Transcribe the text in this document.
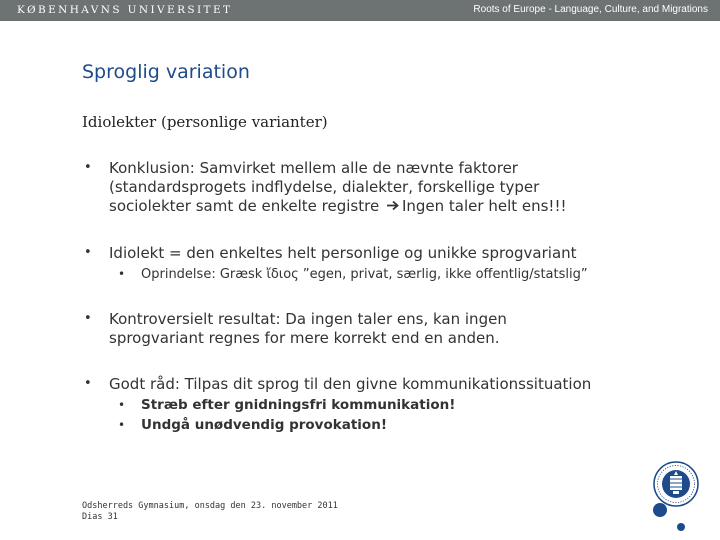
KØBENHAVNS UNIVERSITET	Roots of Europe - Language, Culture, and Migrations
Sproglig variation
Idiolekter (personlige varianter)
• Konklusion: Samvirket mellem alle de nævnte faktorer
(standardsprogets indflydelse, dialekter, forskellige typer
sociolekter samt de enkelte registre Ingen taler helt ens!!!
• Idiolekt = den enkeltes helt personlige og unikke sprogvariant
• Oprindelse: Græsk ἴδιος ”egen, privat, særlig, ikke offentlig/statslig”
• Kontroversielt resultat: Da ingen taler ens, kan ingen
sprogvariant regnes for mere korrekt end en anden.
• Godt råd: Tilpas dit sprog til den givne kommunikationssituation
• Stræb efter gnidningsfri kommunikation!
• Undgå unødvendig provokation!
Odsherreds Gymnasium, onsdag den 23. november 2011
Dias 31
